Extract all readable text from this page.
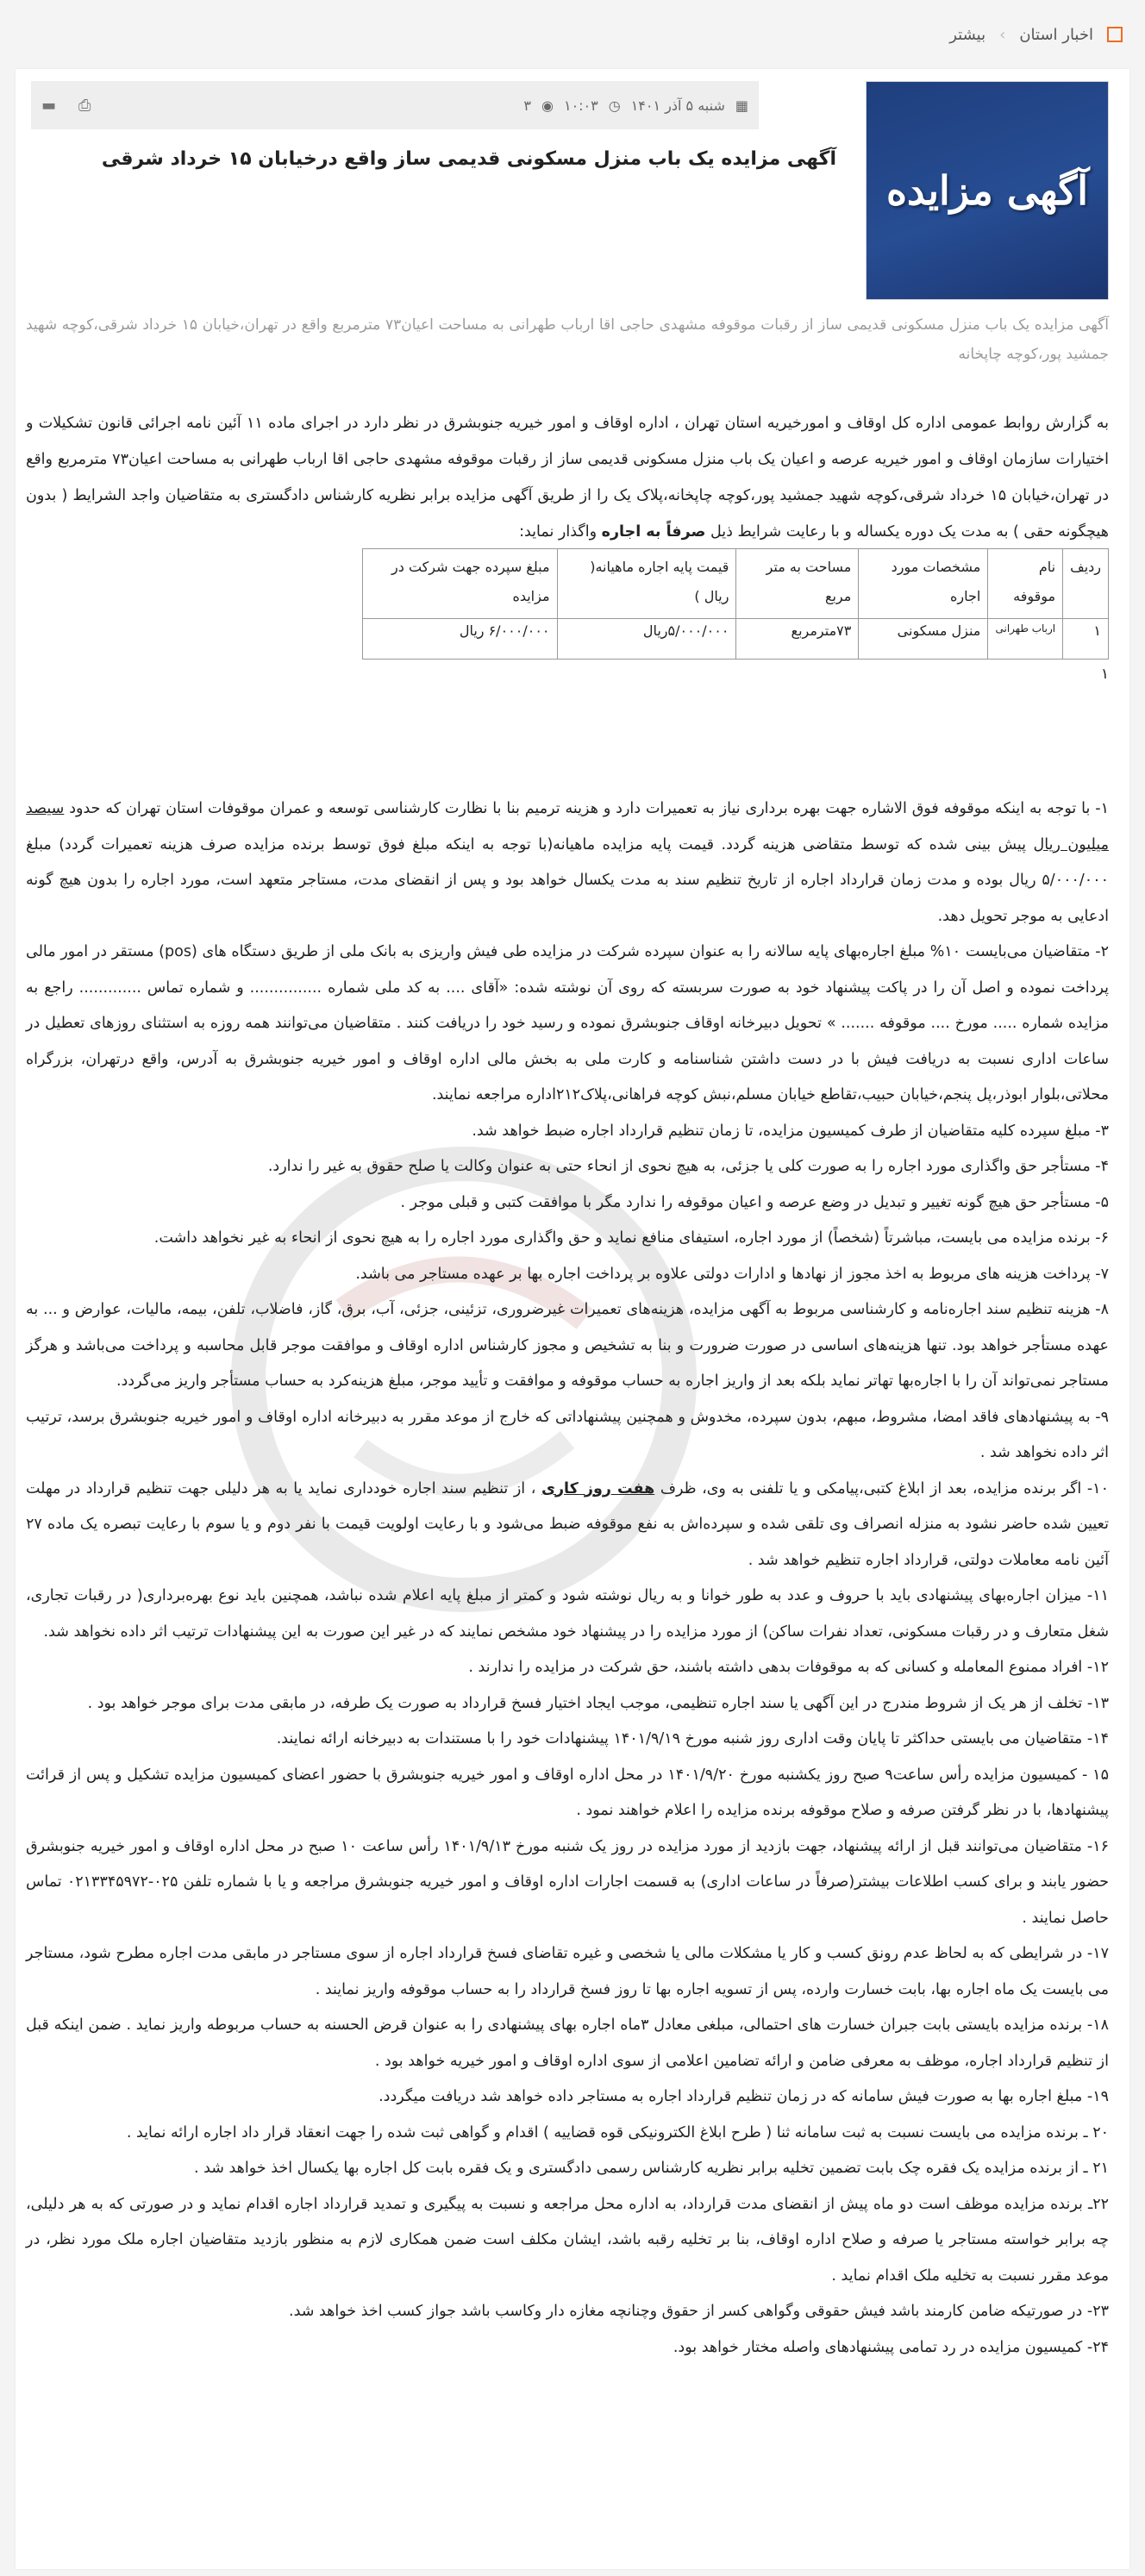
اخبار استان
›
بیشتر
آگهی مزایده
▦
شنبه ۵ آذر ۱۴۰۱
◷
۱۰:۰۳
◉
۳
⎙
▬
آگهی مزایده یک باب منزل مسکونی قدیمی ساز واقع درخیابان ۱۵ خرداد شرقی
آگهی مزایده یک باب منزل مسکونی قدیمی ساز از رقبات موقوفه مشهدی حاجی اقا ارباب طهرانی به مساحت اعیان۷۳ مترمربع واقع در تهران،خیابان ۱۵ خرداد شرقی،کوچه شهید جمشید پور،کوچه چاپخانه
به گزارش روابط عمومی اداره کل اوقاف و امورخیریه استان تهران ، اداره اوقاف و امور خیریه جنوبشرق در نظر دارد در اجرای ماده ۱۱ آئین نامه اجرائی قانون تشکیلات و اختیارات سازمان اوقاف و امور خیریه عرصه و اعیان یک باب منزل مسکونی قدیمی ساز از رقبات موقوفه مشهدی حاجی اقا ارباب طهرانی به مساحت اعیان۷۳ مترمربع واقع در تهران،خیابان ۱۵ خرداد شرقی،کوچه شهید جمشید پور،کوچه چاپخانه،پلاک یک را از طریق آگهی مزایده برابر نظریه کارشناس دادگستری به متقاضیان واجد الشرایط ( بدون هیچگونه حقی ) به مدت یک دوره یکساله و با رعایت شرایط ذیل صرفاً به اجاره واگذار نماید:
ردیف	نام موقوفه	مشخصات مورد اجاره	مساحت به متر مربع	قیمت پایه اجاره ماهیانه( ریال )	مبلغ سپرده جهت شرکت در مزایده
۱	ارباب طهرانی	منزل مسکونی	۷۳مترمربع	۵/۰۰۰/۰۰۰ریال	۶/۰۰۰/۰۰۰ ریال
۱

۱- با توجه به اینکه موقوفه فوق الاشاره جهت بهره برداری نیاز به تعمیرات دارد و هزینه ترمیم بنا با نظارت کارشناسی توسعه و عمران موقوفات استان تهران که حدود سیصد میلیون ریال پیش بینی شده که توسط متقاضی هزینه گردد. قیمت پایه مزایده ماهیانه(با توجه به اینکه مبلغ فوق توسط برنده مزایده صرف هزینه تعمیرات گردد) مبلغ ۵/۰۰۰/۰۰۰ ریال بوده و مدت زمان قرارداد اجاره از تاریخ تنظیم سند به مدت یکسال خواهد بود و پس از انقضای مدت، مستاجر متعهد است، مورد اجاره را بدون هیچ گونه ادعایی به موجر تحویل دهد.

۲- متقاضیان می‌بایست ۱۰% مبلغ اجاره‌بهای پایه سالانه را به عنوان سپرده شرکت در مزایده طی فیش واریزی به بانک ملی از طریق دستگاه های (pos) مستقر در امور مالی پرداخت نموده و اصل آن را در پاکت پیشنهاد خود به صورت سربسته که روی آن نوشته شده: «آقای .... به کد ملی شماره ............... و شماره تماس ............. راجع به مزایده شماره ..... مورخ .... موقوفه ....... » تحویل دبیرخانه اوقاف جنوبشرق نموده و رسید خود را دریافت کنند . متقاضیان می‌توانند همه روزه به استثنای روزهای تعطیل در ساعات اداری نسبت به دریافت فیش با در دست داشتن شناسنامه و کارت ملی به بخش مالی اداره اوقاف و امور خیریه جنوبشرق به آدرس، واقع درتهران، بزرگراه محلاتی،بلوار ابوذر،پل پنجم،خیابان حبیب،تقاطع خیابان مسلم،نبش کوچه فراهانی،پلاک۲۱۲اداره مراجعه نمایند.

۳- مبلغ سپرده کلیه متقاضیان از طرف کمیسیون مزایده، تا زمان تنظیم قرارداد اجاره ضبط خواهد شد.

۴- مستأجر حق واگذاری مورد اجاره را به صورت کلی یا جزئی، به هیچ نحوی از انحاء حتی به عنوان وکالت یا صلح حقوق به غیر را ندارد.

۵- مستأجر حق هیچ گونه تغییر و تبدیل در وضع عرصه و اعیان موقوفه را ندارد مگر با موافقت کتبی و قبلی موجر .

۶- برنده مزایده می بایست، مباشرتاً (شخصاً) از مورد اجاره، استیفای منافع نماید و حق واگذاری مورد اجاره را به هیچ نحوی از انحاء به غیر نخواهد داشت.

۷- پرداخت هزینه های مربوط به اخذ مجوز از نهادها و ادارات دولتی علاوه بر پرداخت اجاره بها بر عهده مستاجر می باشد.

۸- هزینه تنظیم سند اجاره‌نامه و کارشناسی مربوط به آگهی مزایده، هزینه‌های تعمیرات غیرضروری، تزئینی، جزئی، آب، برق، گاز، فاضلاب، تلفن، بیمه، مالیات، عوارض و ... به عهده مستأجر خواهد بود. تنها هزینه‌های اساسی در صورت ضرورت و بنا به تشخیص و مجوز کارشناس اداره اوقاف و موافقت موجر قابل محاسبه و پرداخت می‌باشد و هرگز مستاجر نمی‌تواند آن را با اجاره‌بها تهاتر نماید بلکه بعد از واریز اجاره به حساب موقوفه و موافقت و تأیید موجر، مبلغ هزینه‌کرد به حساب مستأجر واریز می‌گردد.

۹- به پیشنهادهای فاقد امضا، مشروط، مبهم، بدون سپرده، مخدوش و همچنین پیشنهاداتی که خارج از موعد مقرر به دبیرخانه اداره اوقاف و امور خیریه جنوبشرق برسد، ترتیب اثر داده نخواهد شد .

۱۰- اگر برنده مزایده، بعد از ابلاغ کتبی،پیامکی و یا تلفنی به وی، ظرف هفت روز کاری ، از تنظیم سند اجاره خودداری نماید یا به هر دلیلی جهت تنظیم قرارداد در مهلت تعیین شده حاضر نشود به منزله انصراف وی تلقی شده و سپرده‌اش به نفع موقوفه ضبط می‌شود و با رعایت اولویت قیمت با نفر دوم و یا سوم با رعایت تبصره یک ماده ۲۷ آئین نامه معاملات دولتی، قرارداد اجاره تنظیم خواهد شد .

۱۱- میزان اجاره‌بهای پیشنهادی باید با حروف و عدد به طور خوانا و به ریال نوشته شود و کمتر از مبلغ پایه اعلام شده نباشد، همچنین باید نوع بهره‌برداری( در رقبات تجاری، شغل متعارف و در رقبات مسکونی، تعداد نفرات ساکن) از مورد مزایده را در پیشنهاد خود مشخص نمایند که در غیر این صورت به این پیشنهادات ترتیب اثر داده نخواهد شد.

۱۲- افراد ممنوع المعامله و کسانی که به موقوفات بدهی داشته باشند، حق شرکت در مزایده را ندارند .

۱۳- تخلف از هر یک از شروط مندرج در این آگهی یا سند اجاره تنظیمی، موجب ایجاد اختیار فسخ قرارداد به صورت یک طرفه، در مابقی مدت برای موجر خواهد بود .

۱۴- متقاضیان می بایستی حداکثر تا پایان وقت اداری روز شنبه مورخ ۱۴۰۱/۹/۱۹ پیشنهادات خود را با مستندات به دبیرخانه ارائه نمایند.

۱۵ - کمیسیون مزایده رأس ساعت۹ صبح روز یکشنبه مورخ ۱۴۰۱/۹/۲۰ در محل اداره اوقاف و امور خیریه جنوبشرق با حضور اعضای کمیسیون مزایده تشکیل و پس از قرائت پیشنهادها، با در نظر گرفتن صرفه و صلاح موقوفه برنده مزایده را اعلام خواهند نمود .

۱۶- متقاضیان می‌توانند قبل از ارائه پیشنهاد، جهت بازدید از مورد مزایده در روز یک شنبه مورخ ۱۴۰۱/۹/۱۳ رأس ساعت ۱۰ صبح در محل اداره اوقاف و امور خیریه جنوبشرق حضور یابند و برای کسب اطلاعات بیشتر(صرفاً در ساعات اداری) به قسمت اجارات اداره اوقاف و امور خیریه جنوبشرق مراجعه و یا با شماره تلفن ۰۲۵-۰۲۱۳۳۴۵۹۷۲ تماس حاصل نمایند .

۱۷- در شرایطی که به لحاظ عدم رونق کسب و کار یا مشکلات مالی یا شخصی و غیره تقاضای فسخ قرارداد اجاره از سوی مستاجر در مابقی مدت اجاره مطرح شود، مستاجر می بایست یک ماه اجاره بها، بابت خسارت وارده، پس از تسویه اجاره بها تا روز فسخ قرارداد را به حساب موقوفه واریز نمایند .

۱۸- برنده مزایده بایستی بابت جبران خسارت های احتمالی، مبلغی معادل ۳ماه اجاره بهای پیشنهادی را به عنوان قرض الحسنه به حساب مربوطه واریز نماید . ضمن اینکه قبل از تنظیم قرارداد اجاره، موظف به معرفی ضامن و ارائه تضامین اعلامی از سوی اداره اوقاف و امور خیریه خواهد بود .

۱۹- مبلغ اجاره بها به صورت فیش سامانه که در زمان تنظیم قرارداد اجاره به مستاجر داده خواهد شد دریافت میگردد.

۲۰ ـ برنده مزایده می بایست نسبت به ثبت سامانه ثنا ( طرح ابلاغ الکترونیکی قوه قضاییه ) اقدام و گواهی ثبت شده را جهت انعقاد قرار داد اجاره ارائه نماید .

۲۱ ـ از برنده مزایده یک فقره چک بابت تضمین تخلیه برابر نظریه کارشناس رسمی دادگستری و یک فقره بابت کل اجاره بها یکسال اخذ خواهد شد .

۲۲ـ برنده مزایده موظف است دو ماه پیش از انقضای مدت قرارداد، به اداره محل مراجعه و نسبت به پیگیری و تمدید قرارداد اجاره اقدام نماید و در صورتی که به هر دلیلی، چه برابر خواسته مستاجر یا صرفه و صلاح اداره اوقاف، بنا بر تخلیه رقبه باشد، ایشان مکلف است ضمن همکاری لازم به منظور بازدید متقاضیان اجاره ملک مورد نظر، در موعد مقرر نسبت به تخلیه ملک اقدام نماید .

۲۳- در صورتیکه ضامن کارمند باشد فیش حقوقی وگواهی کسر از حقوق وچنانچه مغازه دار وکاسب باشد جواز کسب اخذ خواهد شد.

۲۴- کمیسیون مزایده در رد تمامی پیشنهادهای واصله مختار خواهد بود.
